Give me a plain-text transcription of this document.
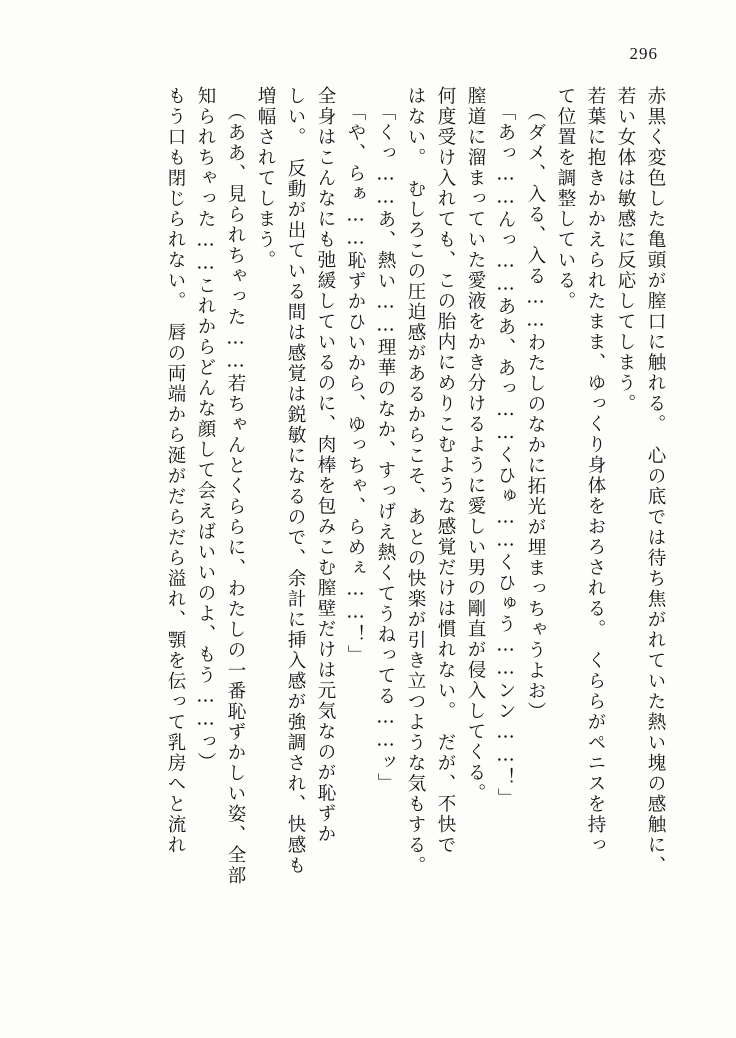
296
赤黒く変色した亀頭が膣口に触れる。　心の底では待ち焦がれていた熱い塊の感触に、
若い女体は敏感に反応してしまう。
若葉に抱きかかえられたまま、ゆっくり身体をおろされる。　くららがペニスを持っ
て位置を調整している。
（ダメ、入る、入る……わたしのなかに拓光が埋まっちゃうよお）
「あっ……んっ……ああ、あっ……くひゅ……くひゅう……ンン……！」
膣道に溜まっていた愛液をかき分けるように愛しい男の剛直が侵入してくる。
何度受け入れても、この胎内にめりこむような感覚だけは慣れない。　だが、不快で
はない。　むしろこの圧迫感があるからこそ、あとの快楽が引き立つような気もする。
「くっ……あ、熱い……理華のなか、すっげえ熱くてうねってる……ッ」
「や、らぁ……恥ずかひいから、ゆっちゃ、らめぇ……！」
全身はこんなにも弛緩しているのに、肉棒を包みこむ膣壁だけは元気なのが恥ずか
しい。　反動が出ている間は感覚は鋭敏になるので、余計に挿入感が強調され、快感も
増幅されてしまう。
（ああ、見られちゃった……若ちゃんとくららに、わたしの一番恥ずかしい姿、全部
知られちゃった……これからどんな顔して会えばいいのよ、もう……っ）
もう口も閉じられない。　唇の両端から涎がだらだら溢れ、顎を伝って乳房へと流れ
